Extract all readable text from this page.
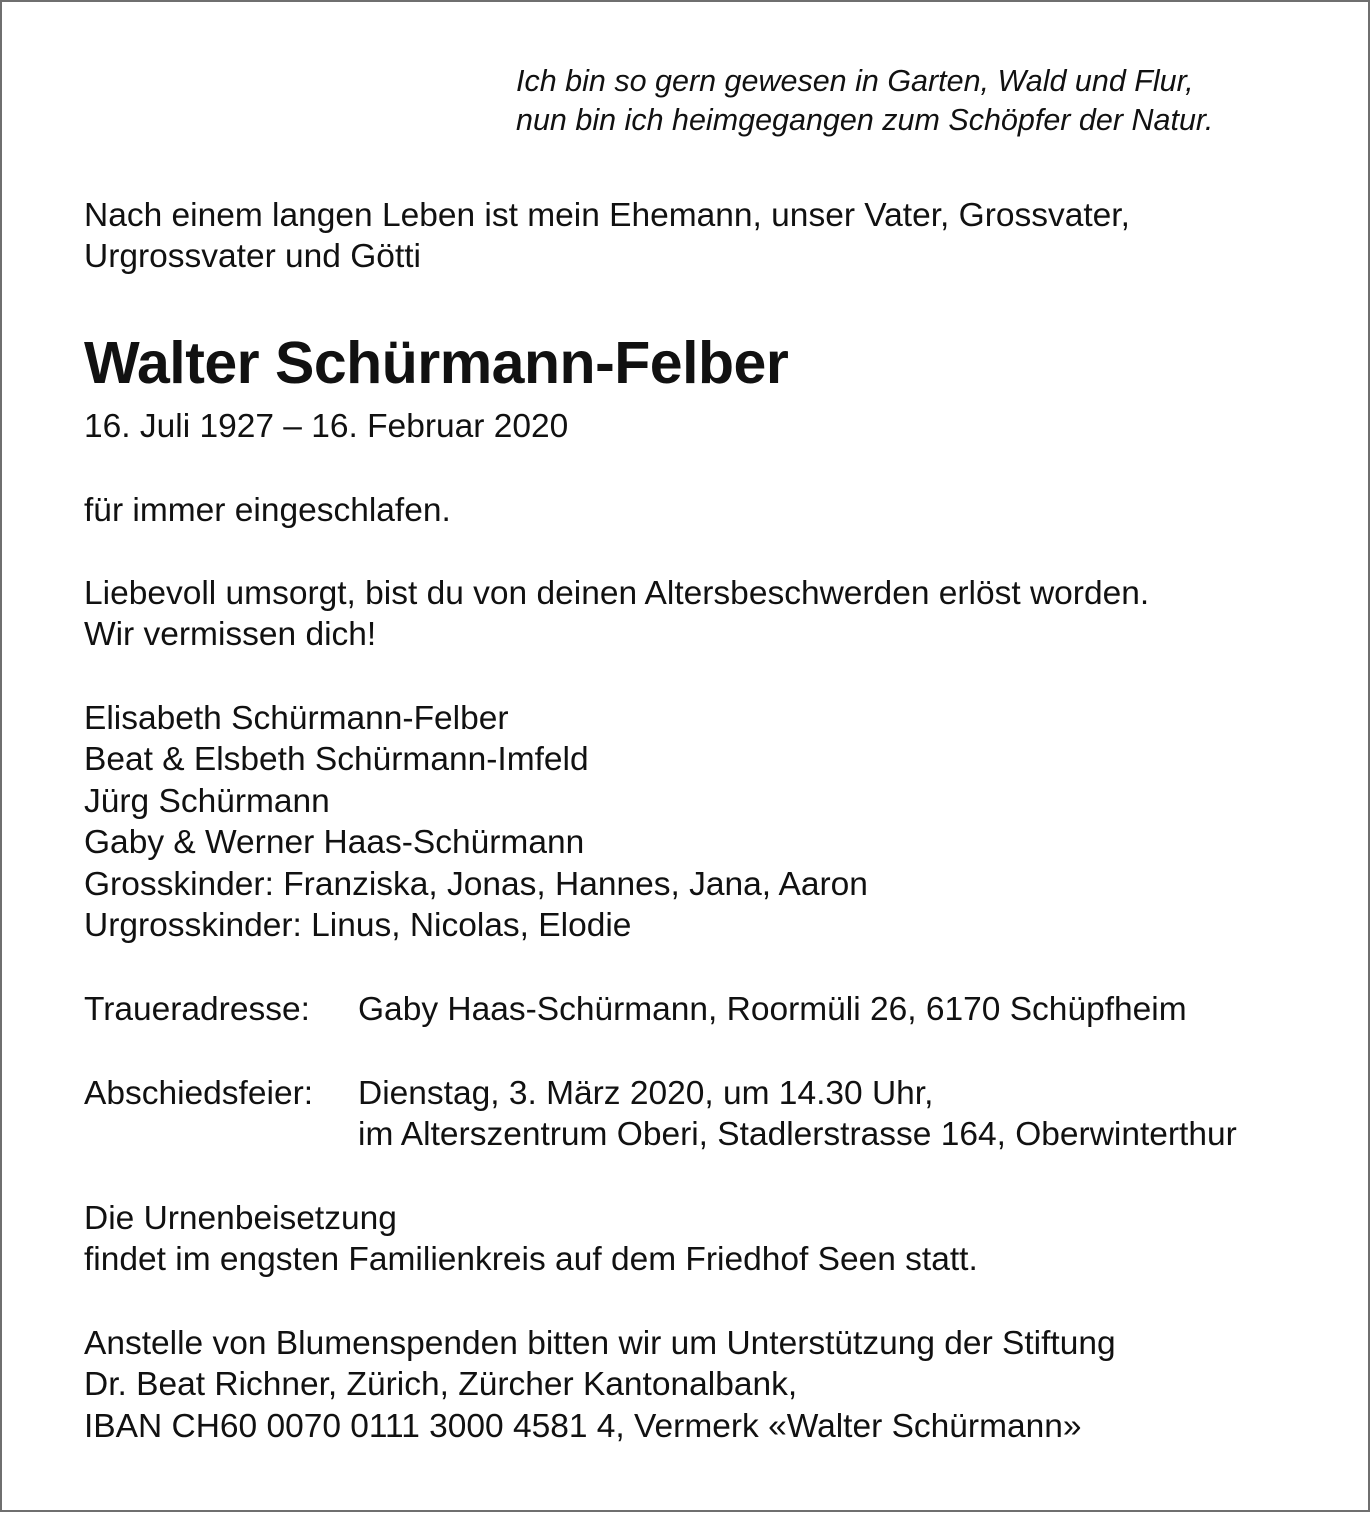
Ich bin so gern gewesen in Garten, Wald und Flur,
nun bin ich heimgegangen zum Schöpfer der Natur.
Nach einem langen Leben ist mein Ehemann, unser Vater, Grossvater,
Urgrossvater und Götti
Walter Schürmann-Felber
16. Juli 1927 – 16. Februar 2020
für immer eingeschlafen.
Liebevoll umsorgt, bist du von deinen Altersbeschwerden erlöst worden.
Wir vermissen dich!
Elisabeth Schürmann-Felber
Beat & Elsbeth Schürmann-Imfeld
Jürg Schürmann
Gaby & Werner Haas-Schürmann
Grosskinder: Franziska, Jonas, Hannes, Jana, Aaron
Urgrosskinder: Linus, Nicolas, Elodie
Traueradresse: Gaby Haas-Schürmann, Roormüli 26, 6170 Schüpfheim
Abschiedsfeier: Dienstag, 3. März 2020, um 14.30 Uhr,
im Alterszentrum Oberi, Stadlerstrasse 164, Oberwinterthur
Die Urnenbeisetzung
findet im engsten Familienkreis auf dem Friedhof Seen statt.
Anstelle von Blumenspenden bitten wir um Unterstützung der Stiftung
Dr. Beat Richner, Zürich, Zürcher Kantonalbank,
IBAN CH60 0070 0111 3000 4581 4, Vermerk «Walter Schürmann»
